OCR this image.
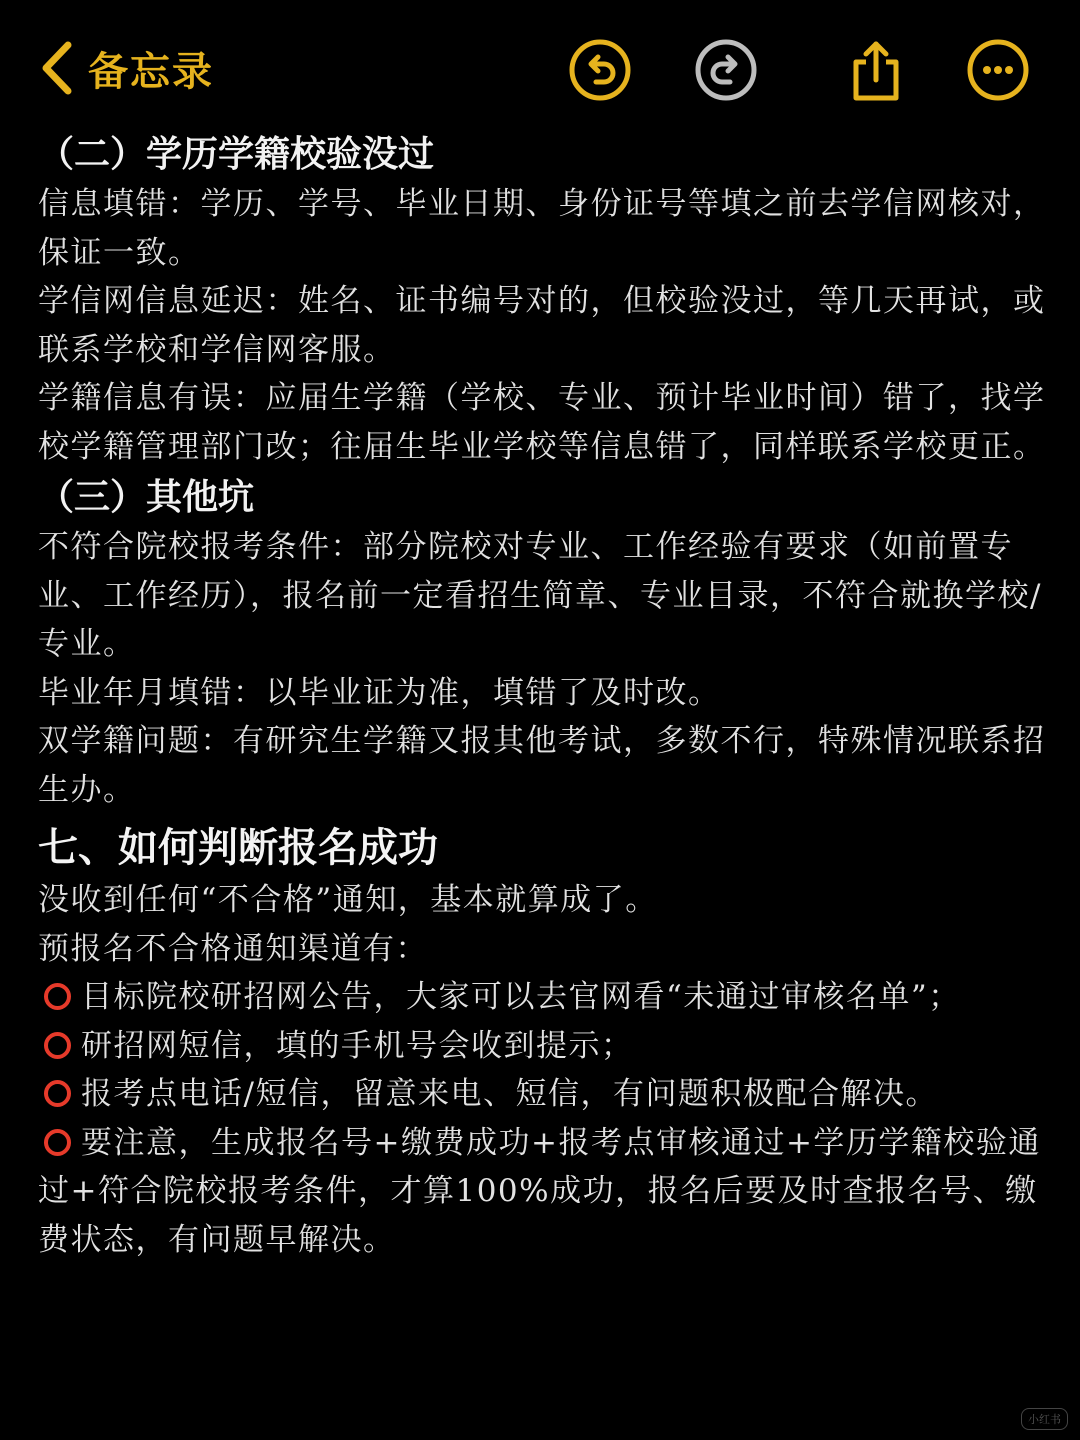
备忘录
（二）学历学籍校验没过

信息填错：学历、学号、毕业日期、身份证号等填之前去学信网核对，保证一致。

学信网信息延迟：姓名、证书编号对的，但校验没过，等几天再试，或联系学校和学信网客服。

学籍信息有误：应届生学籍（学校、专业、预计毕业时间）错了，找学校学籍管理部门改；往届生毕业学校等信息错了，同样联系学校更正。

（三）其他坑

不符合院校报考条件：部分院校对专业、工作经验有要求（如前置专业、工作经历），报名前一定看招生简章、专业目录，不符合就换学校/专业。

毕业年月填错：以毕业证为准，填错了及时改。

双学籍问题：有研究生学籍又报其他考试，多数不行，特殊情况联系招生办。

七、如何判断报名成功

没收到任何“不合格”通知，基本就算成了。

预报名不合格通知渠道有：

目标院校研招网公告，大家可以去官网看“未通过审核名单”；

研招网短信，填的手机号会收到提示；

报考点电话/短信，留意来电、短信，有问题积极配合解决。

要注意，生成报名号+缴费成功+报考点审核通过+学历学籍校验通过+符合院校报考条件，才算100%成功，报名后要及时查报名号、缴费状态，有问题早解决。

小红书
